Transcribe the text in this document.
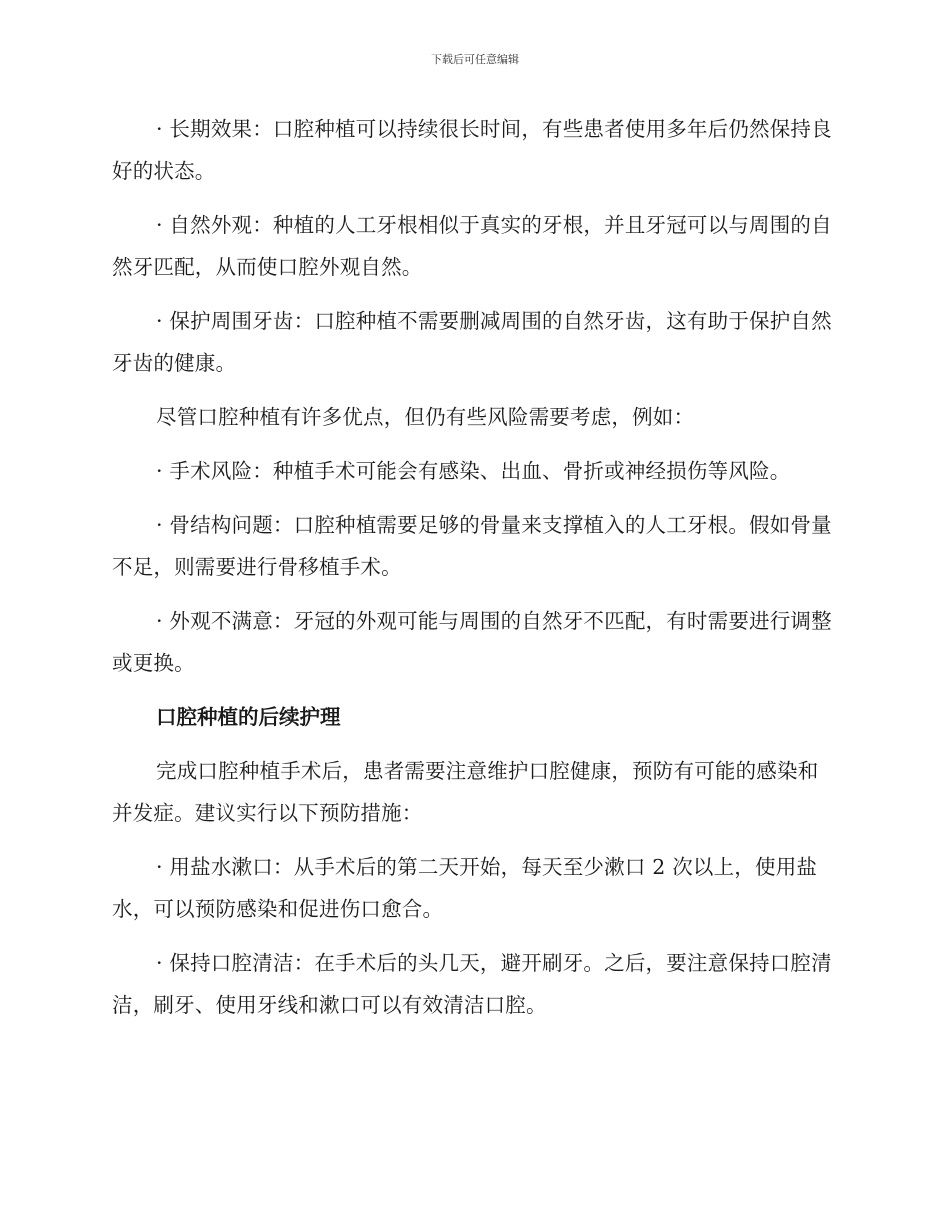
下载后可任意编辑

· 长期效果：口腔种植可以持续很长时间，有些患者使用多年后仍然保持良好的状态。

· 自然外观：种植的人工牙根相似于真实的牙根，并且牙冠可以与周围的自然牙匹配，从而使口腔外观自然。

· 保护周围牙齿：口腔种植不需要删减周围的自然牙齿，这有助于保护自然牙齿的健康。

尽管口腔种植有许多优点，但仍有些风险需要考虑，例如：

· 手术风险：种植手术可能会有感染、出血、骨折或神经损伤等风险。

· 骨结构问题：口腔种植需要足够的骨量来支撑植入的人工牙根。假如骨量不足，则需要进行骨移植手术。

· 外观不满意：牙冠的外观可能与周围的自然牙不匹配，有时需要进行调整或更换。

口腔种植的后续护理

完成口腔种植手术后，患者需要注意维护口腔健康，预防有可能的感染和并发症。建议实行以下预防措施：

· 用盐水漱口：从手术后的第二天开始，每天至少漱口 2 次以上，使用盐水，可以预防感染和促进伤口愈合。

· 保持口腔清洁：在手术后的头几天，避开刷牙。之后，要注意保持口腔清洁，刷牙、使用牙线和漱口可以有效清洁口腔。
